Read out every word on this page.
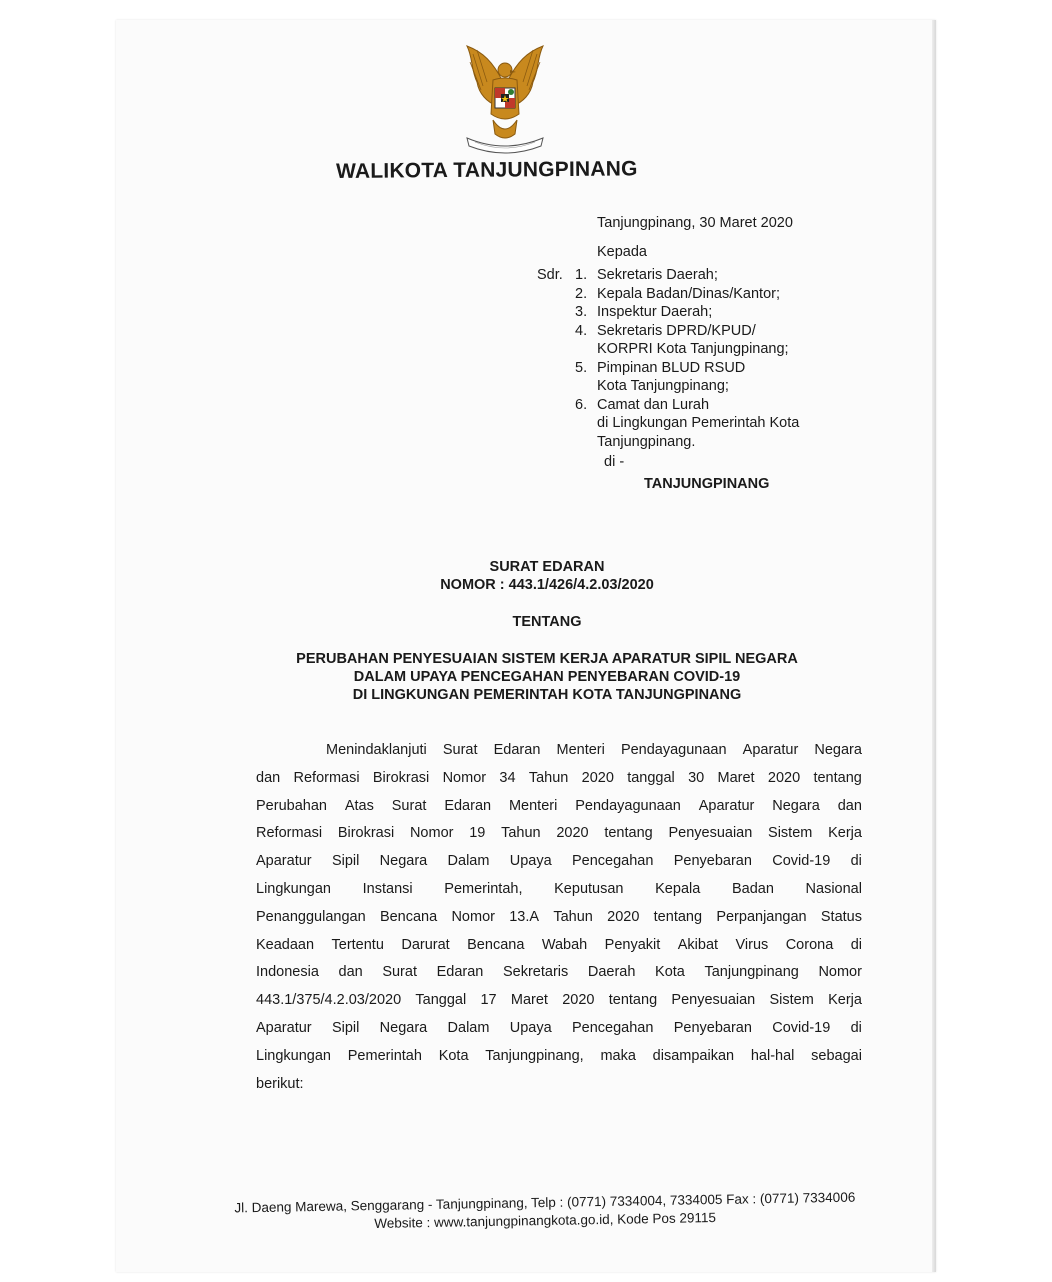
WALIKOTA TANJUNGPINANG
Tanjungpinang, 30 Maret 2020
Kepada
Sdr. 1. Sekretaris Daerah;
2. Kepala Badan/Dinas/Kantor;
3. Inspektur Daerah;
4. Sekretaris DPRD/KPUD/
KORPRI Kota Tanjungpinang;
5. Pimpinan BLUD RSUD
Kota Tanjungpinang;
6. Camat dan Lurah
di Lingkungan Pemerintah Kota
Tanjungpinang.
di -
TANJUNGPINANG
SURAT EDARAN
NOMOR : 443.1/426/4.2.03/2020
TENTANG
PERUBAHAN PENYESUAIAN SISTEM KERJA APARATUR SIPIL NEGARA
DALAM UPAYA PENCEGAHAN PENYEBARAN COVID-19
DI LINGKUNGAN PEMERINTAH KOTA TANJUNGPINANG
Menindaklanjuti Surat Edaran Menteri Pendayagunaan Aparatur Negara
dan Reformasi Birokrasi Nomor 34 Tahun 2020 tanggal 30 Maret 2020 tentang
Perubahan Atas Surat Edaran Menteri Pendayagunaan Aparatur Negara dan
Reformasi Birokrasi Nomor 19 Tahun 2020 tentang Penyesuaian Sistem Kerja
Aparatur Sipil Negara Dalam Upaya Pencegahan Penyebaran Covid-19 di
Lingkungan Instansi Pemerintah, Keputusan Kepala Badan Nasional
Penanggulangan Bencana Nomor 13.A Tahun 2020 tentang Perpanjangan Status
Keadaan Tertentu Darurat Bencana Wabah Penyakit Akibat Virus Corona di
Indonesia dan Surat Edaran Sekretaris Daerah Kota Tanjungpinang Nomor
443.1/375/4.2.03/2020 Tanggal 17 Maret 2020 tentang Penyesuaian Sistem Kerja
Aparatur Sipil Negara Dalam Upaya Pencegahan Penyebaran Covid-19 di
Lingkungan Pemerintah Kota Tanjungpinang, maka disampaikan hal-hal sebagai
berikut:
Jl. Daeng Marewa, Senggarang - Tanjungpinang, Telp : (0771) 7334004, 7334005 Fax : (0771) 7334006
Website : www.tanjungpinangkota.go.id, Kode Pos 29115
